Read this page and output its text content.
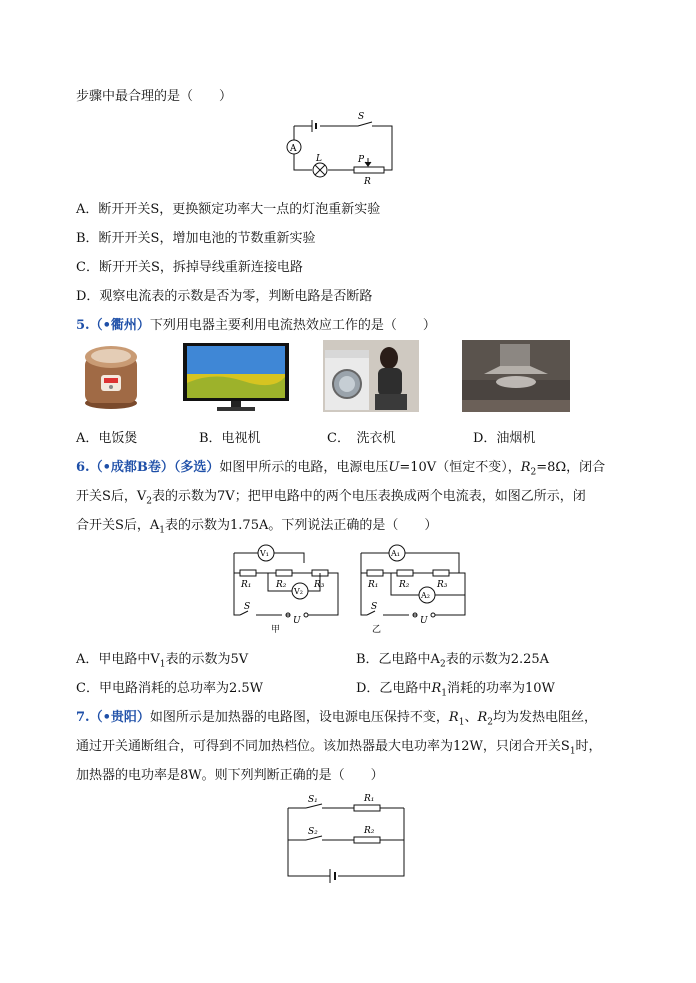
步骤中最合理的是（　　）
A
S
L	P
R
A．断开开关S，更换额定功率大一点的灯泡重新实验
B．断开开关S，增加电池的节数重新实验
C．断开开关S，拆掉导线重新连接电路
D．观察电流表的示数是否为零，判断电路是否断路
5.（•衢州）下列用电器主要利用电流热效应工作的是（　　）
A．电饭煲	B．电视机	C．　洗衣机	D．油烟机
6.（•成都B卷）（多选）如图甲所示的电路，电源电压U=10V（恒定不变），$R_2=8\Omega$，闭合
开关S后，$V_2$表的示数为7V；把甲电路中的两个电压表换成两个电流表，如图乙所示，闭
合开关S后，$A_1$表的示数为1.75A。下列说法正确的是（　　）
V₁
V₂
R₁	R₂	R₃
S
U
甲
A₁
A₂
R₁ R₂	R₃
S
U
乙
A．甲电路中$V_1$表的示数为5V	B．乙电路中$A_2$表的示数为2.25A
C．甲电路消耗的总功率为2.5W	D．乙电路中$R_1$消耗的功率为10W
7.（•贵阳）如图所示是加热器的电路图，设电源电压保持不变，$R_1$、$R_2$均为发热电阻丝，
通过开关通断组合，可得到不同加热档位。该加热器最大电功率为12W，只闭合开关$S_1$时，
加热器的电功率是8W。则下列判断正确的是（　　）
S₁
S₂
R₁
R₂
